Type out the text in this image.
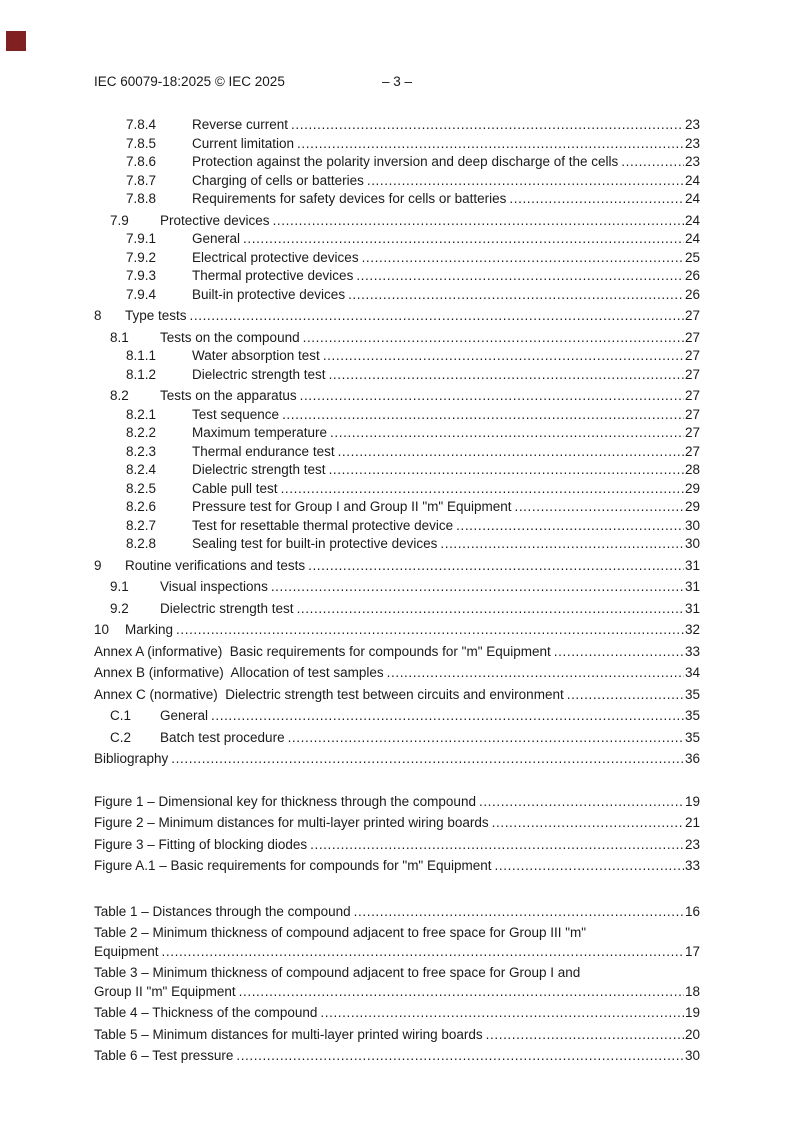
IEC 60079-18:2025 © IEC 2025	– 3 –
7.8.4	Reverse current .....	23
7.8.5	Current limitation .....	23
7.8.6	Protection against the polarity inversion and deep discharge of the cells .....	23
7.8.7	Charging of cells or batteries .....	24
7.8.8	Requirements for safety devices for cells or batteries .....	24
7.9	Protective devices .....	24
7.9.1	General .....	24
7.9.2	Electrical protective devices .....	25
7.9.3	Thermal protective devices .....	26
7.9.4	Built-in protective devices .....	26
8	Type tests .....	27
8.1	Tests on the compound .....	27
8.1.1	Water absorption test .....	27
8.1.2	Dielectric strength test .....	27
8.2	Tests on the apparatus .....	27
8.2.1	Test sequence .....	27
8.2.2	Maximum temperature .....	27
8.2.3	Thermal endurance test .....	27
8.2.4	Dielectric strength test .....	28
8.2.5	Cable pull test .....	29
8.2.6	Pressure test for Group I and Group II "m" Equipment .....	29
8.2.7	Test for resettable thermal protective device .....	30
8.2.8	Sealing test for built-in protective devices .....	30
9	Routine verifications and tests .....	31
9.1	Visual inspections .....	31
9.2	Dielectric strength test .....	31
10	Marking .....	32
Annex A (informative)  Basic requirements for compounds for "m" Equipment .....	33
Annex B (informative)  Allocation of test samples .....	34
Annex C (normative)  Dielectric strength test between circuits and environment .....	35
C.1	General .....	35
C.2	Batch test procedure .....	35
Bibliography .....	36
Figure 1 – Dimensional key for thickness through the compound .....	19
Figure 2 – Minimum distances for multi-layer printed wiring boards .....	21
Figure 3 – Fitting of blocking diodes .....	23
Figure A.1 – Basic requirements for compounds for "m" Equipment .....	33
Table 1 – Distances through the compound .....	16
Table 2 – Minimum thickness of compound adjacent to free space for Group III "m"
Equipment .....	17
Table 3 – Minimum thickness of compound adjacent to free space for Group I and
Group II "m" Equipment .....	18
Table 4 – Thickness of the compound .....	19
Table 5 – Minimum distances for multi-layer printed wiring boards .....	20
Table 6 – Test pressure .....	30
